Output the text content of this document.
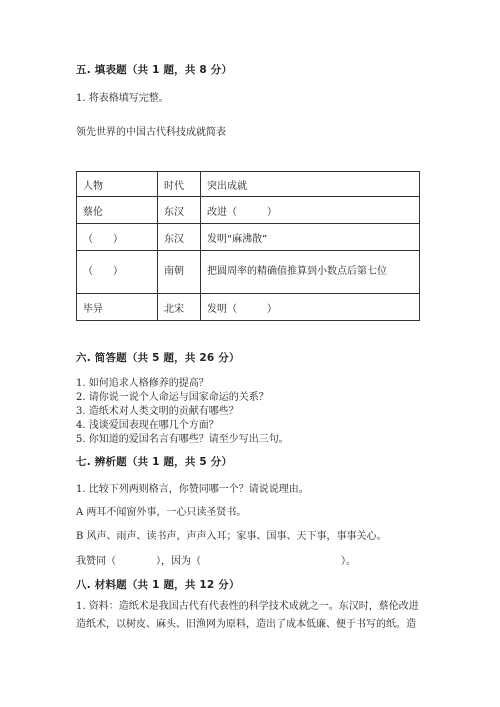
五. 填表题（共 1 题，共 8 分）
1. 将表格填写完整。
领先世界的中国古代科技成就简表
人物	时代	突出成就
蔡伦	东汉	改进（　　　）
（　　）	东汉	发明“麻沸散”
（　　）	南朝	把圆周率的精确值推算到小数点后第七位
毕异	北宋	发明（　　　）
六. 简答题（共 5 题，共 26 分）
1. 如何追求人格修养的提高？
2. 请你说一说个人命运与国家命运的关系？
3. 造纸术对人类文明的贡献有哪些？
4. 浅谈爱国表现在哪几个方面？
5. 你知道的爱国名言有哪些？请至少写出三句。
七. 辨析题（共 1 题，共 5 分）
1. 比较下列两则格言，你赞同哪一个？请说说理由。
A 两耳不闻窗外事，一心只读圣贤书。
B 风声、雨声、读书声，声声入耳；家事、国事、天下事，事事关心。
我赞同（　　　　），因为（　　　　　　　　　　　　　　）。
八. 材料题（共 1 题，共 12 分）
1. 资料：造纸术是我国古代有代表性的科学技术成就之一。东汉时，蔡伦改进造纸术，以树皮、麻头、旧渔网为原料，造出了成本低廉、便于书写的纸。造
